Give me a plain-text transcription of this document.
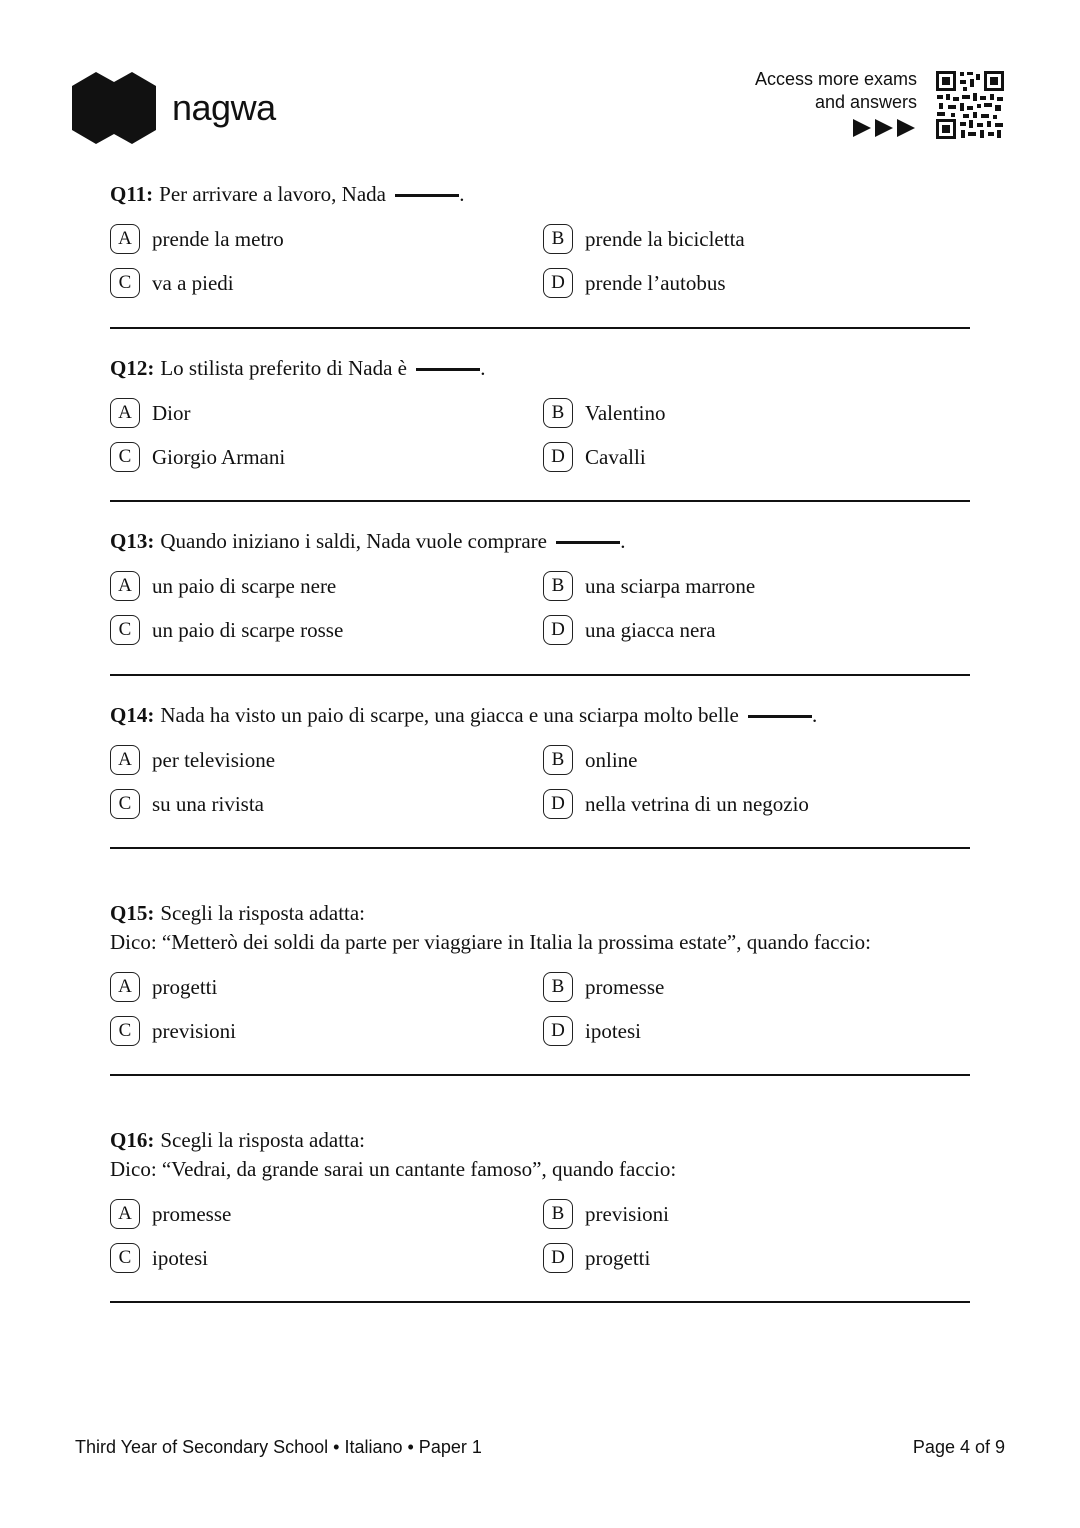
nagwa
Access more exams
and answers

Q11: Per arrivare a lavoro, Nada	.

A prende la metro	B prende la bicicletta
C va a piedi	D prende l’autobus

Q12: Lo stilista preferito di Nada è	.

A Dior	B Valentino
C Giorgio Armani	D Cavalli

Q13: Quando iniziano i saldi, Nada vuole comprare	.

A un paio di scarpe nere	B una sciarpa marrone
C un paio di scarpe rosse	D una giacca nera

Q14: Nada ha visto un paio di scarpe, una giacca e una sciarpa molto belle	.

A per televisione	B online
C su una rivista	D nella vetrina di un negozio

Q15: Scegli la risposta adatta:

Dico: “Metterò dei soldi da parte per viaggiare in Italia la prossima estate”, quando faccio:

A progetti	B promesse
C previsioni	D ipotesi

Q16: Scegli la risposta adatta:

Dico: “Vedrai, da grande sarai un cantante famoso”, quando faccio:

A promesse	B previsioni
C ipotesi	D progetti
Third Year of Secondary School • Italiano • Paper 1	Page 4 of 9
